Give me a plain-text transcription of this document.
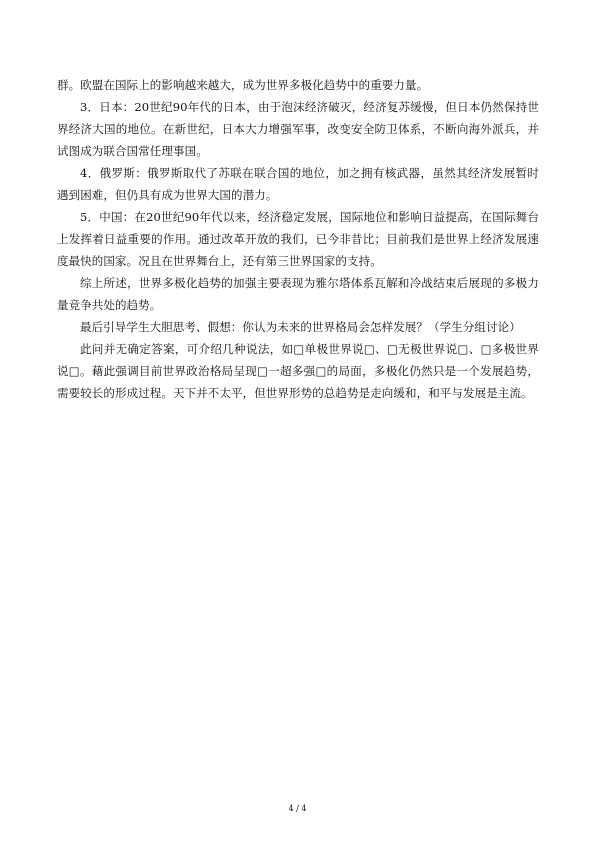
群。欧盟在国际上的影响越来越大，成为世界多极化趋势中的重要力量。

3．日本：20世纪90年代的日本，由于泡沫经济破灭，经济复苏缓慢，但日本仍然保持世界经济大国的地位。在新世纪，日本大力增强军事，改变安全防卫体系，不断向海外派兵，并试图成为联合国常任理事国。

4．俄罗斯：俄罗斯取代了苏联在联合国的地位，加之拥有核武器，虽然其经济发展暂时遇到困难，但仍具有成为世界大国的潜力。

5．中国：在20世纪90年代以来，经济稳定发展，国际地位和影响日益提高，在国际舞台上发挥着日益重要的作用。通过改革开放的我们，已今非昔比；目前我们是世界上经济发展速度最快的国家。况且在世界舞台上，还有第三世界国家的支持。

综上所述，世界多极化趋势的加强主要表现为雅尔塔体系瓦解和冷战结束后展现的多极力量竞争共处的趋势。

最后引导学生大胆思考、假想：你认为未来的世界格局会怎样发展？（学生分组讨论）

此问并无确定答案，可介绍几种说法，如□单极世界说□、□无极世界说□、□多极世界说□。藉此强调目前世界政治格局呈现□一超多强□的局面，多极化仍然只是一个发展趋势，需要较长的形成过程。天下并不太平，但世界形势的总趋势是走向缓和，和平与发展是主流。

4 / 4
